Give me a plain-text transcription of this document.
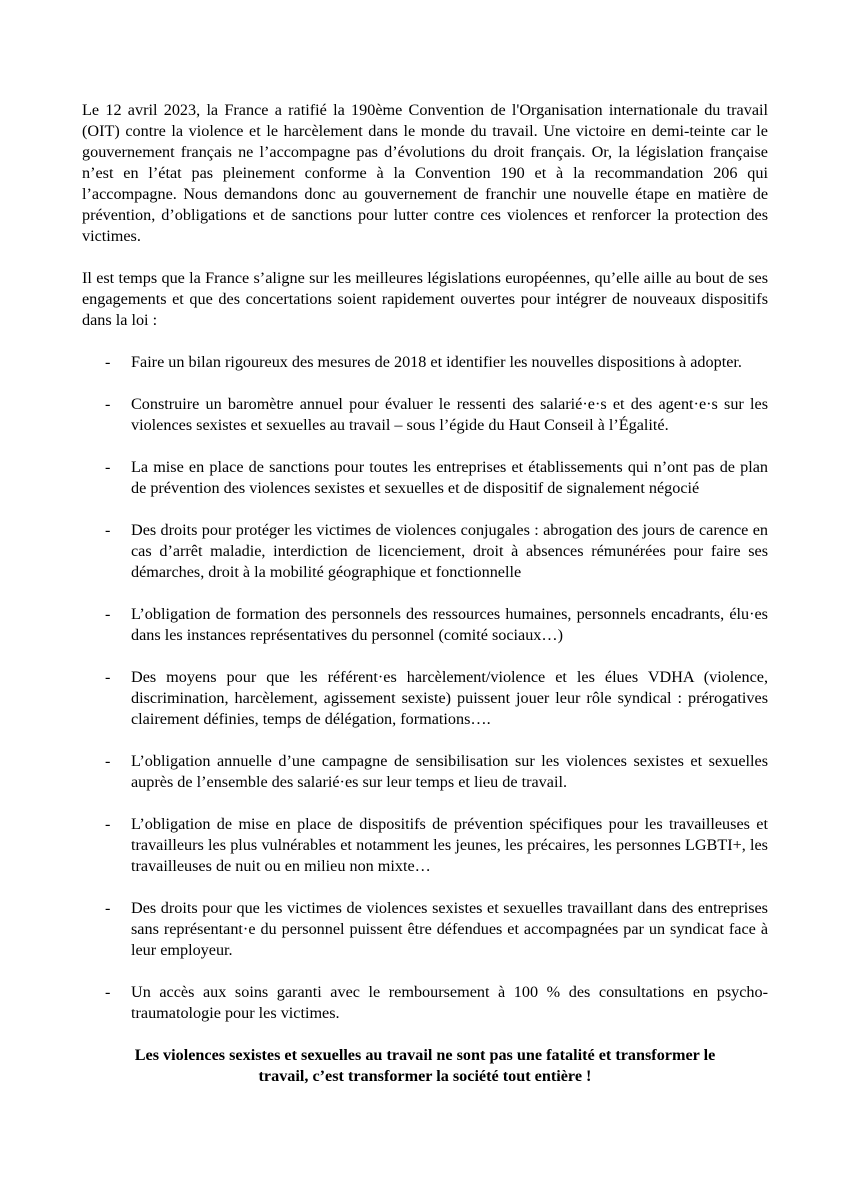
Le 12 avril 2023, la France a ratifié la 190ème Convention de l'Organisation internationale du travail (OIT) contre la violence et le harcèlement dans le monde du travail. Une victoire en demi-teinte car le gouvernement français ne l’accompagne pas d’évolutions du droit français. Or, la législation française n’est en l’état pas pleinement conforme à la Convention 190 et à la recommandation 206 qui l’accompagne. Nous demandons donc au gouvernement de franchir une nouvelle étape en matière de prévention, d’obligations et de sanctions pour lutter contre ces violences et renforcer la protection des victimes.

Il est temps que la France s’aligne sur les meilleures législations européennes, qu’elle aille au bout de ses engagements et que des concertations soient rapidement ouvertes pour intégrer de nouveaux dispositifs dans la loi :

- Faire un bilan rigoureux des mesures de 2018 et identifier les nouvelles dispositions à adopter.
- Construire un baromètre annuel pour évaluer le ressenti des salarié·e·s et des agent·e·s sur les violences sexistes et sexuelles au travail – sous l’égide du Haut Conseil à l’Égalité.
- La mise en place de sanctions pour toutes les entreprises et établissements qui n’ont pas de plan de prévention des violences sexistes et sexuelles et de dispositif de signalement négocié
- Des droits pour protéger les victimes de violences conjugales : abrogation des jours de carence en cas d’arrêt maladie, interdiction de licenciement, droit à absences rémunérées pour faire ses démarches, droit à la mobilité géographique et fonctionnelle
- L’obligation de formation des personnels des ressources humaines, personnels encadrants, élu·es dans les instances représentatives du personnel (comité sociaux…)
- Des moyens pour que les référent·es harcèlement/violence et les élues VDHA (violence, discrimination, harcèlement, agissement sexiste) puissent jouer leur rôle syndical : prérogatives clairement définies, temps de délégation, formations….
- L’obligation annuelle d’une campagne de sensibilisation sur les violences sexistes et sexuelles auprès de l’ensemble des salarié·es sur leur temps et lieu de travail.
- L’obligation de mise en place de dispositifs de prévention spécifiques pour les travailleuses et travailleurs les plus vulnérables et notamment les jeunes, les précaires, les personnes LGBTI+, les travailleuses de nuit ou en milieu non mixte…
- Des droits pour que les victimes de violences sexistes et sexuelles travaillant dans des entreprises sans représentant·e du personnel puissent être défendues et accompagnées par un syndicat face à leur employeur.
- Un accès aux soins garanti avec le remboursement à 100 % des consultations en psycho-traumatologie pour les victimes.

Les violences sexistes et sexuelles au travail ne sont pas une fatalité et transformer le
travail, c’est transformer la société tout entière !
